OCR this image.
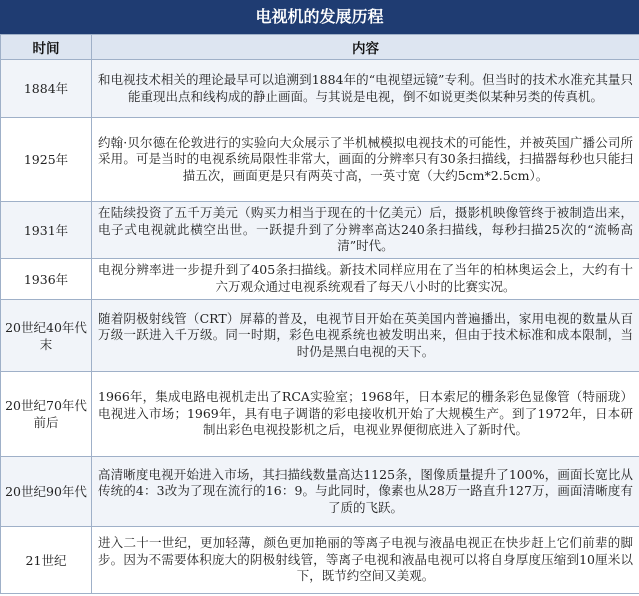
电视机的发展历程
时间	内容
1884年	和电视技术相关的理论最早可以追溯到1884年的“电视望远镜”专利。但当时的技术水准充其量只能重现出点和线构成的静止画面。与其说是电视，倒不如说更类似某种另类的传真机。
1925年	约翰·贝尔德在伦敦进行的实验向大众展示了半机械模拟电视技术的可能性，并被英国广播公司所采用。可是当时的电视系统局限性非常大，画面的分辨率只有30条扫描线，扫描器每秒也只能扫描五次，画面更是只有两英寸高，一英寸宽（大约5cm*2.5cm）。
1931年	在陆续投资了五千万美元（购买力相当于现在的十亿美元）后，摄影机映像管终于被制造出来，电子式电视就此横空出世。一跃提升到了分辨率高达240条扫描线，每秒扫描25次的“流畅高清”时代。
1936年	电视分辨率进一步提升到了405条扫描线。新技术同样应用在了当年的柏林奥运会上，大约有十六万观众通过电视系统观看了每天八小时的比赛实况。
20世纪40年代末	随着阴极射线管（CRT）屏幕的普及，电视节目开始在英美国内普遍播出，家用电视的数量从百万级一跃进入千万级。同一时期，彩色电视系统也被发明出来，但由于技术标准和成本限制，当时仍是黑白电视的天下。
20世纪70年代前后	1966年，集成电路电视机走出了RCA实验室；1968年，日本索尼的栅条彩色显像管（特丽珑）电视进入市场；1969年，具有电子调谐的彩电接收机开始了大规模生产。到了1972年，日本研制出彩色电视投影机之后，电视业界便彻底进入了新时代。
20世纪90年代	高清晰度电视开始进入市场，其扫描线数量高达1125条，图像质量提升了100%，画面长宽比从传统的4：3改为了现在流行的16：9。与此同时，像素也从28万一路直升127万，画面清晰度有了质的飞跃。
21世纪	进入二十一世纪，更加轻薄，颜色更加艳丽的等离子电视与液晶电视正在快步赶上它们前辈的脚步。因为不需要体积庞大的阴极射线管，等离子电视和液晶电视可以将自身厚度压缩到10厘米以下，既节约空间又美观。
